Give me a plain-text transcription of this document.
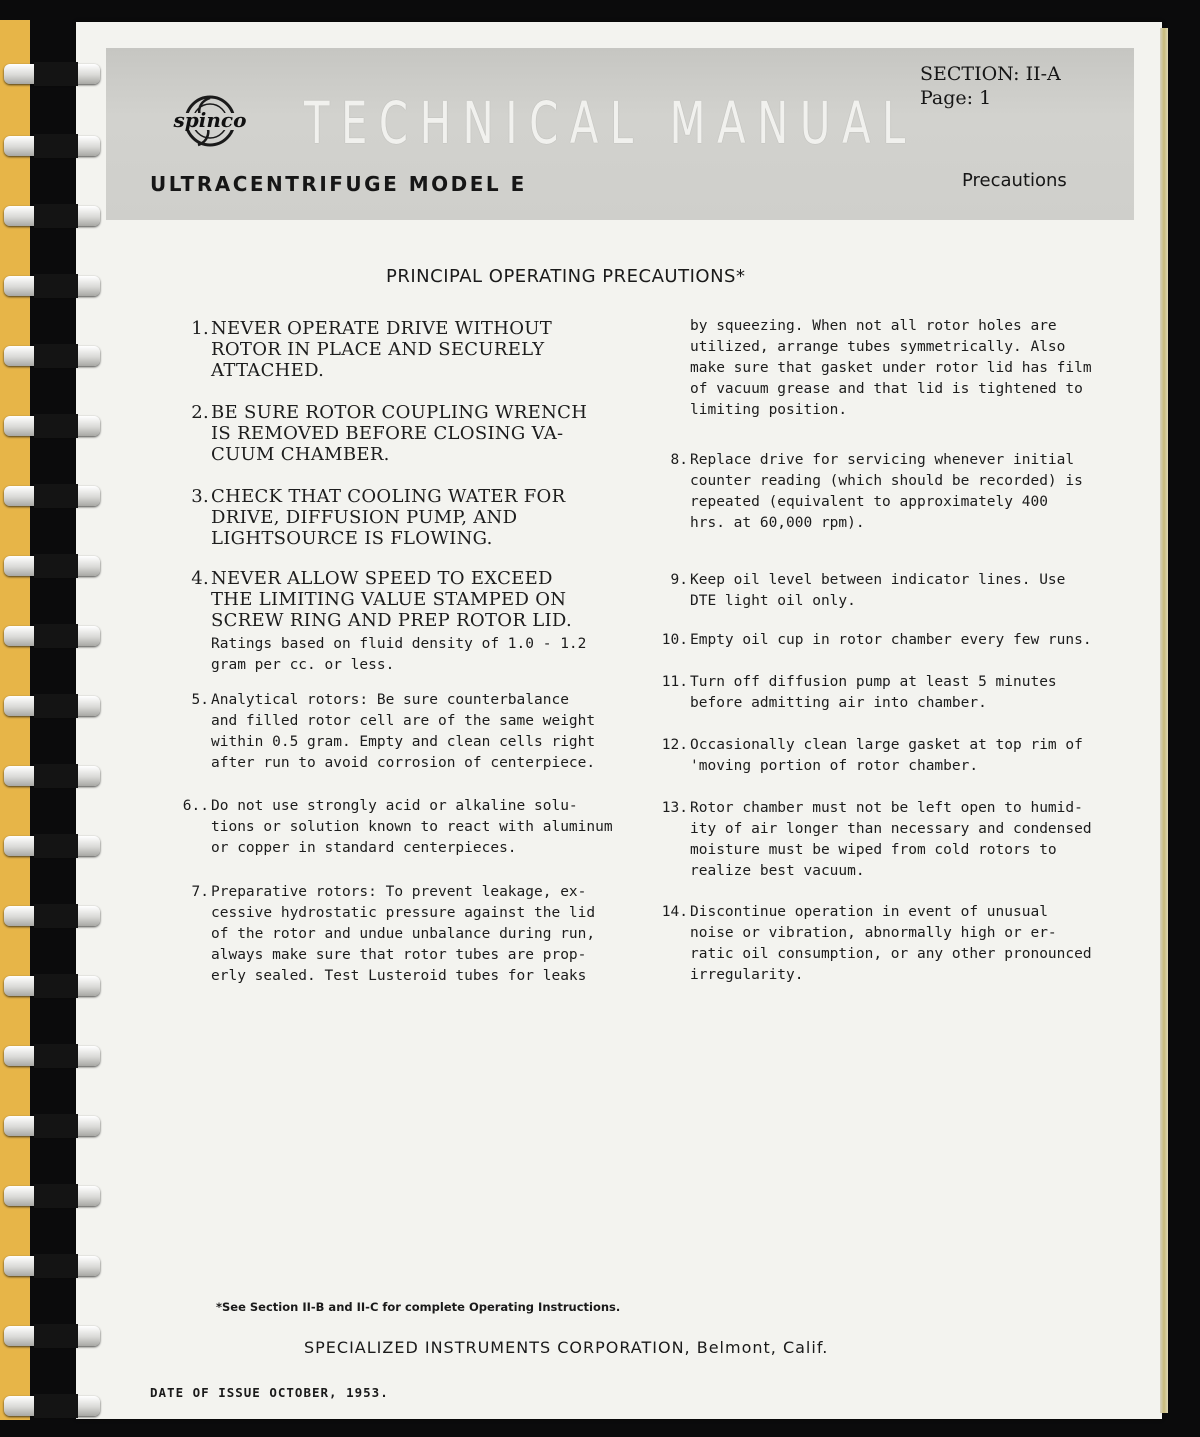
spinco TECHNICAL MANUAL
ULTRACENTRIFUGE MODEL E
SECTION: II-A
Page: 1
Precautions
PRINCIPAL OPERATING PRECAUTIONS*
1. NEVER OPERATE DRIVE WITHOUT
ROTOR IN PLACE AND SECURELY
ATTACHED.
2. BE SURE ROTOR COUPLING WRENCH
IS REMOVED BEFORE CLOSING VA-
CUUM CHAMBER.
3. CHECK THAT COOLING WATER FOR
DRIVE, DIFFUSION PUMP, AND
LIGHTSOURCE IS FLOWING.
4. NEVER ALLOW SPEED TO EXCEED
THE LIMITING VALUE STAMPED ON
SCREW RING AND PREP ROTOR LID.
Ratings based on fluid density of 1.0 - 1.2
gram per cc. or less.
5. Analytical rotors: Be sure counterbalance
and filled rotor cell are of the same weight
within 0.5 gram. Empty and clean cells right
after run to avoid corrosion of centerpiece.
6.. Do not use strongly acid or alkaline solu-
tions or solution known to react with aluminum
or copper in standard centerpieces.
7. Preparative rotors: To prevent leakage, ex-
cessive hydrostatic pressure against the lid
of the rotor and undue unbalance during run,
always make sure that rotor tubes are prop-
erly sealed. Test Lusteroid tubes for leaks
by squeezing. When not all rotor holes are
utilized, arrange tubes symmetrically. Also
make sure that gasket under rotor lid has film
of vacuum grease and that lid is tightened to
limiting position.
8. Replace drive for servicing whenever initial
counter reading (which should be recorded) is
repeated (equivalent to approximately 400
hrs. at 60,000 rpm).
9. Keep oil level between indicator lines. Use
DTE light oil only.
10. Empty oil cup in rotor chamber every few runs.
11. Turn off diffusion pump at least 5 minutes
before admitting air into chamber.
12. Occasionally clean large gasket at top rim of
'moving portion of rotor chamber.
13. Rotor chamber must not be left open to humid-
ity of air longer than necessary and condensed
moisture must be wiped from cold rotors to
realize best vacuum.
14. Discontinue operation in event of unusual
noise or vibration, abnormally high or er-
ratic oil consumption, or any other pronounced
irregularity.
*See Section II-B and II-C for complete Operating Instructions.
SPECIALIZED INSTRUMENTS CORPORATION, Belmont, Calif.
DATE OF ISSUE OCTOBER, 1953.
